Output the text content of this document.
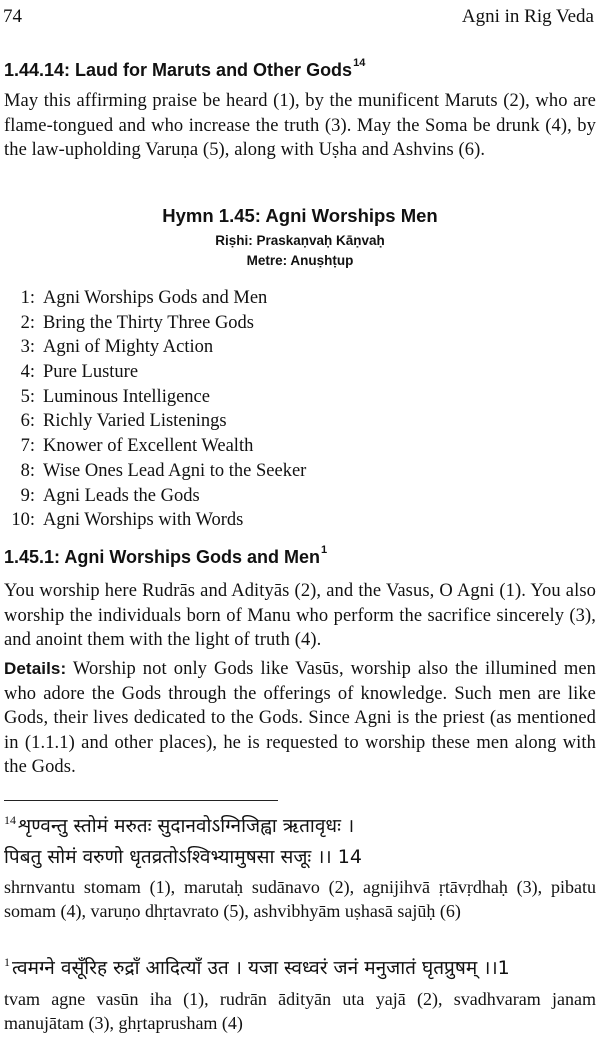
74	Agni in Rig Veda
1.44.14: Laud for Maruts and Other Gods$^{14}$
May this affirming praise be heard (1), by the munificent Maruts (2), who are flame-tongued and who increase the truth (3). May the Soma be drunk (4), by the law-upholding Varuṇa (5), along with Uṣha and Ashvins (6).
Hymn 1.45: Agni Worships Men
Riṣhi: Praskaṇvaḥ Kāṇvaḥ
Metre: Anuṣhṭup
1: Agni Worships Gods and Men
2: Bring the Thirty Three Gods
3: Agni of Mighty Action
4: Pure Lusture
5: Luminous Intelligence
6: Richly Varied Listenings
7: Knower of Excellent Wealth
8: Wise Ones Lead Agni to the Seeker
9: Agni Leads the Gods
10: Agni Worships with Words
1.45.1: Agni Worships Gods and Men$^1$
You worship here Rudrās and Adityās (2), and the Vasus, O Agni (1). You also worship the individuals born of Manu who perform the sacrifice sincerely (3), and anoint them with the light of truth (4).
Details: Worship not only Gods like Vasūs, worship also the illumined men who adore the Gods through the offerings of knowledge. Such men are like Gods, their lives dedicated to the Gods. Since Agni is the priest (as mentioned in (1.1.1) and other places), he is requested to worship these men along with the Gods.
$^{14}$ शृण्वन्तु स्तोमं मरुतः सुदानवोऽग्निजिह्वा ऋतावृधः ।
पिबतु सोमं वरुणो धृतव्रतोऽश्विभ्यामुषसा सजूः ।। 14
shrnvantu stomam (1), marutaḥ sudānavo (2), agnijihvā ṛtāvṛdhaḥ (3), pibatu somam (4), varuṇo dhṛtavrato (5), ashvibhyām uṣhasā sajūḥ (6)
$^1$ त्वमग्ने वसूँरिह रुद्राँ आदित्याँ उत । यजा स्वध्वरं जनं मनुजातं घृतप्रुषम् ।।1
tvam agne vasūn iha (1), rudrān ādityān uta yajā (2), svadhvaram janam manujātam (3), ghṛtaprusham (4)
